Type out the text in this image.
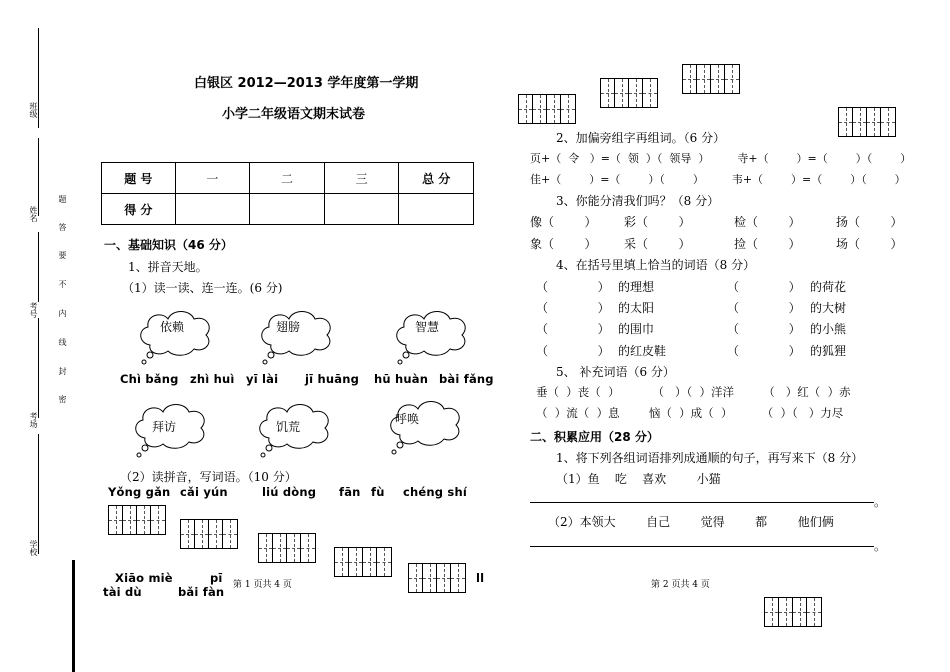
班级
姓名
考号
考场
学校
题
答
要
不
内
线
封
密
白银区 2012—2013 学年度第一学期
小学二年级语文期末试卷
题 号	一	二	三	总 分
得 分				
一、基础知识（46 分）
1、拼音天地。
（1）读一读、连一连。(6 分)
依赖	翅膀	智慧
Chì bǎng zhì huì yī lài jī huāng hū huàn bài fǎng
拜访	饥荒
呼唤
（2）读拼音，写词语。（10 分）
Yǒng gǎn cǎi yún	liú dòng fān fù chéng shí
Xiāo miè	pī	ll
tài dù	bǎi fàn 第 1 页共 4 页
2、加偏旁组字再组词。（6 分）
页+（  令   ）=（  领  ）（  领导  ）        寺+（        ）=（        ）（        ）
佳+（        ）=（        ）（        ）        韦+（        ）=（        ）（        ）
3、你能分清我们吗？（8 分）
像（        ） 彩（        ）	检（        ）	扬（        ）
象（        ） 采（        ）	捡（        ）	场（        ）
4、在括号里填上恰当的词语（8 分）
（             ） 的理想	（             ） 的荷花
（             ） 的太阳	（             ） 的大树
（             ） 的围巾	（             ） 的小熊
（             ） 的红皮鞋	（             ） 的狐狸
5、 补充词语（6 分）
垂（  ）丧（  ）         （   ）（  ）洋洋        （   ）红（  ）赤
（  ）流（  ）息        恼（  ）成（  ）        （  ）（   ）力尽
二、积累应用（28 分）
1、将下列各组词语排列成通顺的句子，再写来下（8 分）
（1）鱼    吃    喜欢        小猫
。
（2）本领大        自己        觉得        都        他们俩
。
第 2 页共 4 页
